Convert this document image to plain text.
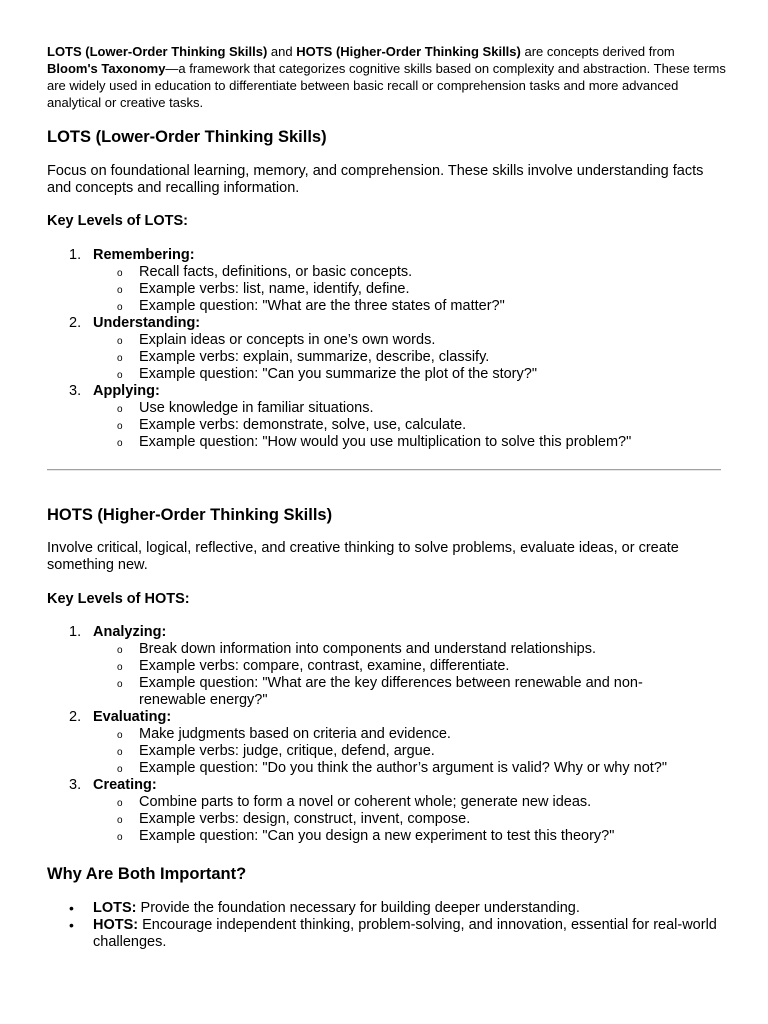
LOTS (Lower-Order Thinking Skills) and HOTS (Higher-Order Thinking Skills) are concepts derived from Bloom's Taxonomy—a framework that categorizes cognitive skills based on complexity and abstraction. These terms are widely used in education to differentiate between basic recall or comprehension tasks and more advanced analytical or creative tasks.

LOTS (Lower-Order Thinking Skills)

Focus on foundational learning, memory, and comprehension. These skills involve understanding facts and concepts and recalling information.

Key Levels of LOTS:

1. Remembering:
o Recall facts, definitions, or basic concepts.
o Example verbs: list, name, identify, define.
o Example question: "What are the three states of matter?"
2. Understanding:
o Explain ideas or concepts in one’s own words.
o Example verbs: explain, summarize, describe, classify.
o Example question: "Can you summarize the plot of the story?"
3. Applying:
o Use knowledge in familiar situations.
o Example verbs: demonstrate, solve, use, calculate.
o Example question: "How would you use multiplication to solve this problem?"
HOTS (Higher-Order Thinking Skills)

Involve critical, logical, reflective, and creative thinking to solve problems, evaluate ideas, or create something new.

Key Levels of HOTS:

1. Analyzing:
o Break down information into components and understand relationships.
o Example verbs: compare, contrast, examine, differentiate.
o Example question: "What are the key differences between renewable and non-renewable energy?"
2. Evaluating:
o Make judgments based on criteria and evidence.
o Example verbs: judge, critique, defend, argue.
o Example question: "Do you think the author’s argument is valid? Why or why not?"
3. Creating:
o Combine parts to form a novel or coherent whole; generate new ideas.
o Example verbs: design, construct, invent, compose.
o Example question: "Can you design a new experiment to test this theory?"
Why Are Both Important?
• LOTS: Provide the foundation necessary for building deeper understanding.
• HOTS: Encourage independent thinking, problem-solving, and innovation, essential for real-world challenges.
